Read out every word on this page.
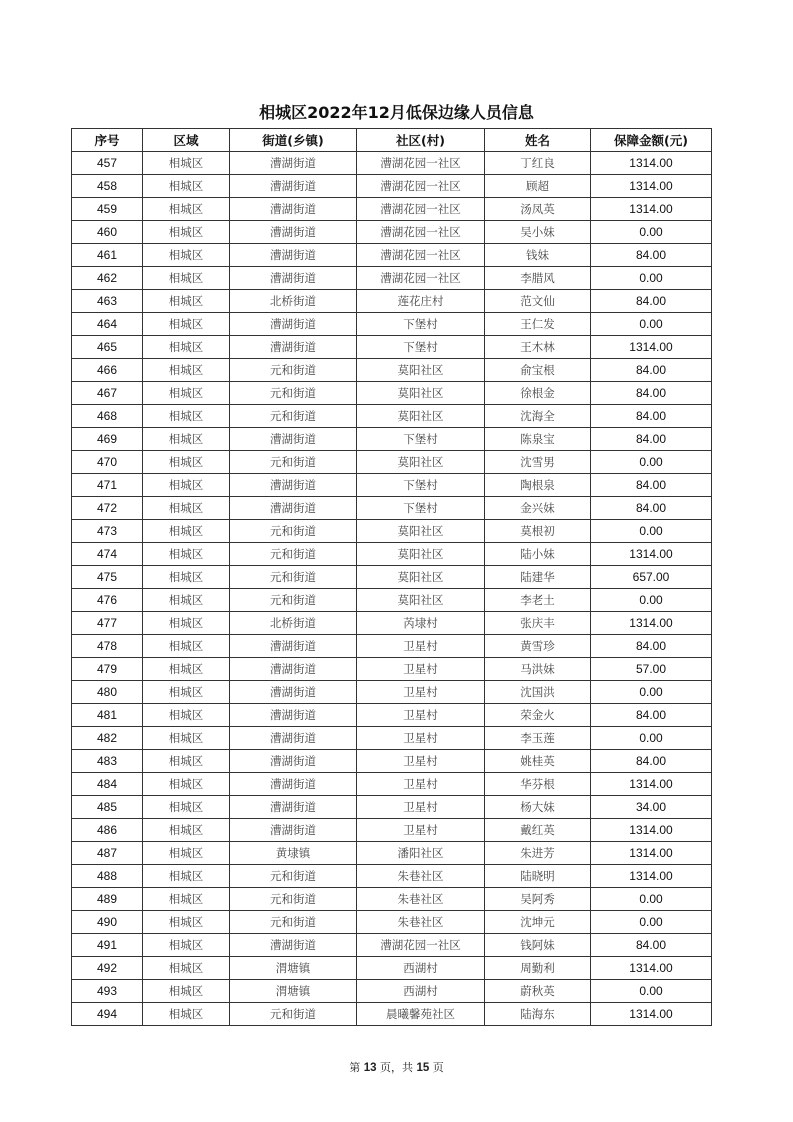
相城区2022年12月低保边缘人员信息
序号	区域	街道(乡镇)	社区(村)	姓名	保障金额(元)
457	相城区	漕湖街道	漕湖花园一社区	丁红良	1314.00
458	相城区	漕湖街道	漕湖花园一社区	顾超	1314.00
459	相城区	漕湖街道	漕湖花园一社区	汤凤英	1314.00
460	相城区	漕湖街道	漕湖花园一社区	吴小妹	0.00
461	相城区	漕湖街道	漕湖花园一社区	钱妹	84.00
462	相城区	漕湖街道	漕湖花园一社区	李腊风	0.00
463	相城区	北桥街道	莲花庄村	范文仙	84.00
464	相城区	漕湖街道	下堡村	王仁发	0.00
465	相城区	漕湖街道	下堡村	王木林	1314.00
466	相城区	元和街道	莫阳社区	俞宝根	84.00
467	相城区	元和街道	莫阳社区	徐根金	84.00
468	相城区	元和街道	莫阳社区	沈海全	84.00
469	相城区	漕湖街道	下堡村	陈泉宝	84.00
470	相城区	元和街道	莫阳社区	沈雪男	0.00
471	相城区	漕湖街道	下堡村	陶根泉	84.00
472	相城区	漕湖街道	下堡村	金兴妹	84.00
473	相城区	元和街道	莫阳社区	莫根初	0.00
474	相城区	元和街道	莫阳社区	陆小妹	1314.00
475	相城区	元和街道	莫阳社区	陆建华	657.00
476	相城区	元和街道	莫阳社区	李老土	0.00
477	相城区	北桥街道	芮埭村	张庆丰	1314.00
478	相城区	漕湖街道	卫星村	黄雪珍	84.00
479	相城区	漕湖街道	卫星村	马洪妹	57.00
480	相城区	漕湖街道	卫星村	沈国洪	0.00
481	相城区	漕湖街道	卫星村	荣金火	84.00
482	相城区	漕湖街道	卫星村	李玉莲	0.00
483	相城区	漕湖街道	卫星村	姚桂英	84.00
484	相城区	漕湖街道	卫星村	华芬根	1314.00
485	相城区	漕湖街道	卫星村	杨大妹	34.00
486	相城区	漕湖街道	卫星村	戴红英	1314.00
487	相城区	黄埭镇	潘阳社区	朱进芳	1314.00
488	相城区	元和街道	朱巷社区	陆晓明	1314.00
489	相城区	元和街道	朱巷社区	吴阿秀	0.00
490	相城区	元和街道	朱巷社区	沈坤元	0.00
491	相城区	漕湖街道	漕湖花园一社区	钱阿妹	84.00
492	相城区	渭塘镇	西湖村	周勤利	1314.00
493	相城区	渭塘镇	西湖村	蔚秋英	0.00
494	相城区	元和街道	晨曦馨苑社区	陆海东	1314.00
第 13 页，共 15 页
